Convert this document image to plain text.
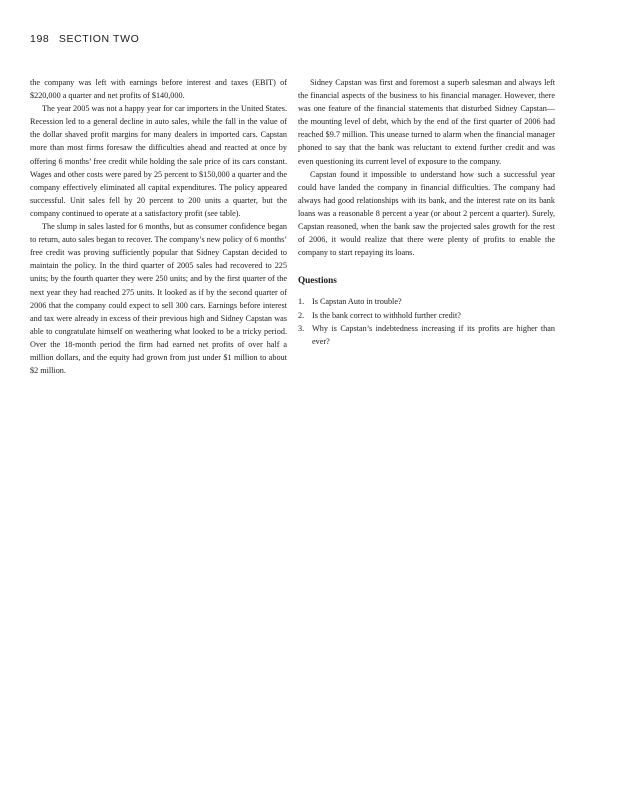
198 SECTION TWO

the company was left with earnings before interest and taxes (EBIT) of $220,000 a quarter and net profits of $140,000.

The year 2005 was not a happy year for car importers in the United States. Recession led to a general decline in auto sales, while the fall in the value of the dollar shaved profit margins for many dealers in imported cars. Capstan more than most firms foresaw the difficulties ahead and reacted at once by offering 6 months’ free credit while holding the sale price of its cars constant. Wages and other costs were pared by 25 percent to $150,000 a quarter and the company effectively eliminated all capital expenditures. The policy appeared successful. Unit sales fell by 20 percent to 200 units a quarter, but the company continued to operate at a satisfactory profit (see table).

The slump in sales lasted for 6 months, but as consumer confidence began to return, auto sales began to recover. The company’s new policy of 6 months’ free credit was proving sufficiently popular that Sidney Capstan decided to maintain the policy. In the third quarter of 2005 sales had recovered to 225 units; by the fourth quarter they were 250 units; and by the first quarter of the next year they had reached 275 units. It looked as if by the second quarter of 2006 that the company could expect to sell 300 cars. Earnings before interest and tax were already in excess of their previous high and Sidney Capstan was able to congratulate himself on weathering what looked to be a tricky period. Over the 18-month period the firm had earned net profits of over half a million dollars, and the equity had grown from just under $1 million to about $2 million.

Sidney Capstan was first and foremost a superb salesman and always left the financial aspects of the business to his financial manager. However, there was one feature of the financial statements that disturbed Sidney Capstan—the mounting level of debt, which by the end of the first quarter of 2006 had reached $9.7 million. This unease turned to alarm when the financial manager phoned to say that the bank was reluctant to extend further credit and was even questioning its current level of exposure to the company.

Capstan found it impossible to understand how such a successful year could have landed the company in financial difficulties. The company had always had good relationships with its bank, and the interest rate on its bank loans was a reasonable 8 percent a year (or about 2 percent a quarter). Surely, Capstan reasoned, when the bank saw the projected sales growth for the rest of 2006, it would realize that there were plenty of profits to enable the company to start repaying its loans.

Questions
1. Is Capstan Auto in trouble?
2. Is the bank correct to withhold further credit?
3. Why is Capstan’s indebtedness increasing if its profits are higher than ever?
